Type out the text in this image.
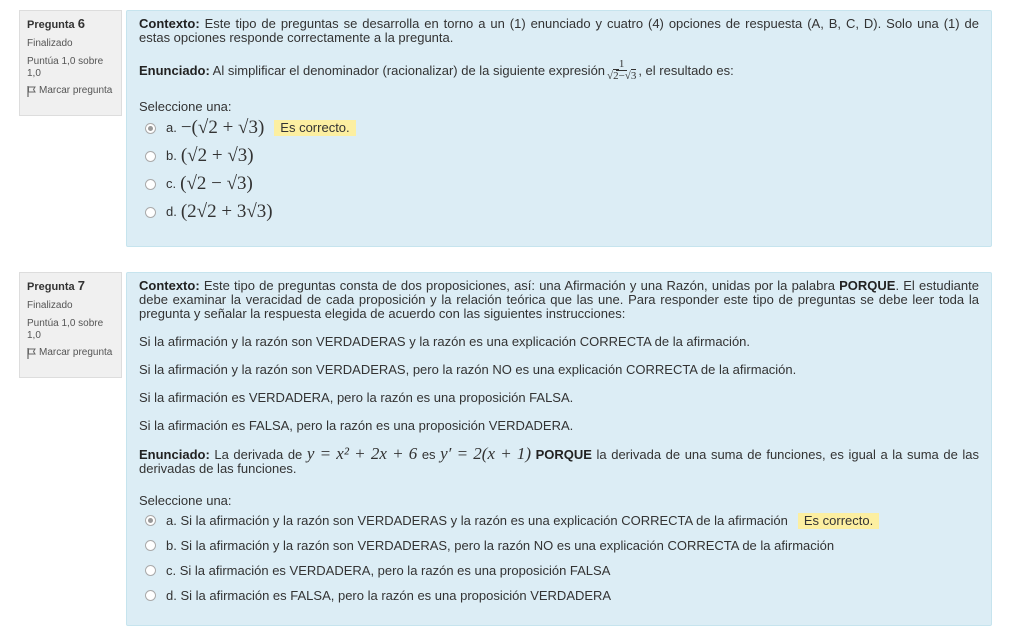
Pregunta 6
Finalizado
Puntúa 1,0 sobre 1,0
Marcar pregunta

Contexto: Este tipo de preguntas se desarrolla en torno a un (1) enunciado y cuatro (4) opciones de respuesta (A, B, C, D). Solo una (1) de estas opciones responde correctamente a la pregunta.

Enunciado: Al simplificar el denominador (racionalizar) de la siguiente expresión $\frac{1}{√2-√3}$ , el resultado es:

Seleccione una:

a. −(√2 + √3)	Es correcto.
b. (√2 + √3)
c. (√2 − √3)
d. (2√2 + 3√3)
Pregunta 7
Finalizado
Puntúa 1,0 sobre 1,0
Marcar pregunta

Contexto: Este tipo de preguntas consta de dos proposiciones, así: una Afirmación y una Razón, unidas por la palabra PORQUE. El estudiante debe examinar la veracidad de cada proposición y la relación teórica que las une. Para responder este tipo de preguntas se debe leer toda la pregunta y señalar la respuesta elegida de acuerdo con las siguientes instrucciones:

Si la afirmación y la razón son VERDADERAS y la razón es una explicación CORRECTA de la afirmación.

Si la afirmación y la razón son VERDADERAS, pero la razón NO es una explicación CORRECTA de la afirmación.

Si la afirmación es VERDADERA, pero la razón es una proposición FALSA.

Si la afirmación es FALSA, pero la razón es una proposición VERDADERA.

Enunciado: La derivada de y = x² + 2x + 6 es y′ = 2(x + 1) PORQUE la derivada de una suma de funciones, es igual a la suma de las derivadas de las funciones.

Seleccione una:

a. Si la afirmación y la razón son VERDADERAS y la razón es una explicación CORRECTA de la afirmación	Es correcto.
b. Si la afirmación y la razón son VERDADERAS, pero la razón NO es una explicación CORRECTA de la afirmación
c. Si la afirmación es VERDADERA, pero la razón es una proposición FALSA
d. Si la afirmación es FALSA, pero la razón es una proposición VERDADERA
